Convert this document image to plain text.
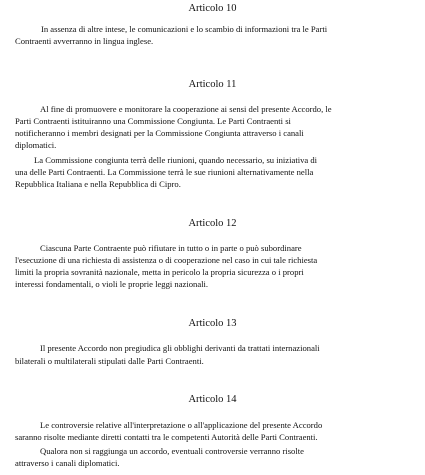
Articolo 10
In assenza di altre intese, le comunicazioni e lo scambio di informazioni tra le Parti
Contraenti avverranno in lingua inglese.
Articolo 11
Al fine di promuovere e monitorare la cooperazione ai sensi del presente Accordo, le
Parti Contraenti istituiranno una Commissione Congiunta. Le Parti Contraenti si
notificheranno i membri designati per la Commissione Congiunta attraverso i canali
diplomatici.
La Commissione congiunta terrà delle riunioni, quando necessario, su iniziativa di
una delle Parti Contraenti. La Commissione terrà le sue riunioni alternativamente nella
Repubblica Italiana e nella Repubblica di Cipro.
Articolo 12
Ciascuna Parte Contraente può rifiutare in tutto o in parte o può subordinare
l'esecuzione di una richiesta di assistenza o di cooperazione nel caso in cui tale richiesta
limiti la propria sovranità nazionale, metta in pericolo la propria sicurezza o i propri
interessi fondamentali, o violi le proprie leggi nazionali.
Articolo 13
Il presente Accordo non pregiudica gli obblighi derivanti da trattati internazionali
bilaterali o multilaterali stipulati dalle Parti Contraenti.
Articolo 14
Le controversie relative all'interpretazione o all'applicazione del presente Accordo
saranno risolte mediante diretti contatti tra le competenti Autorità delle Parti Contraenti.
Qualora non si raggiunga un accordo, eventuali controversie verranno risolte
attraverso i canali diplomatici.
